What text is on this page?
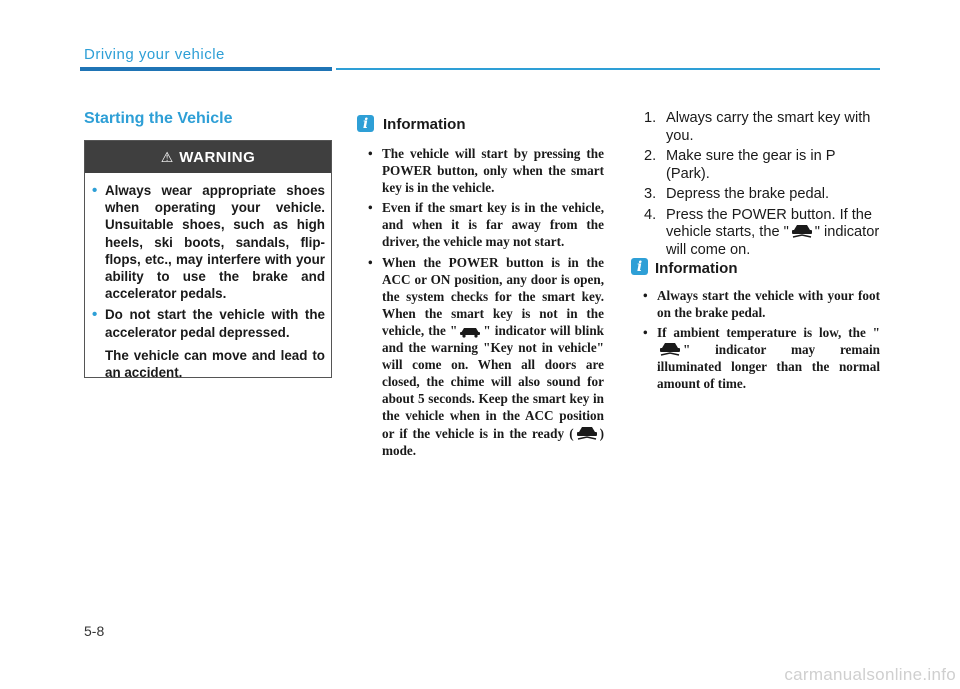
Driving your vehicle
Starting the Vehicle
⚠ WARNING
• Always wear appropriate shoes when operating your vehicle. Unsuitable shoes, such as high heels, ski boots, sandals, flip-flops, etc., may interfere with your ability to use the brake and accelerator pedals.
• Do not start the vehicle with the accelerator pedal depressed.
The vehicle can move and lead to an accident.
i Information
• The vehicle will start by pressing the POWER button, only when the smart key is in the vehicle.
• Even if the smart key is in the vehicle, and when it is far away from the driver, the vehicle may not start.
• When the POWER button is in the ACC or ON position, any door is open, the system checks for the smart key. When the smart key is not in the vehicle, the " " indicator will blink and the warning "Key not in vehicle" will come on. When all doors are closed, the chime will also sound for about 5 seconds. Keep the smart key in the vehicle when in the ACC position or if the vehicle is in the ready ( ) mode.
1. Always carry the smart key with you.
2. Make sure the gear is in P (Park).
3. Depress the brake pedal.
4. Press the POWER button. If the vehicle starts, the " " indicator will come on.
i Information
• Always start the vehicle with your foot on the brake pedal.
• If ambient temperature is low, the "" indicator may remain illuminated longer than the normal amount of time.
5-8
carmanualsonline.info
